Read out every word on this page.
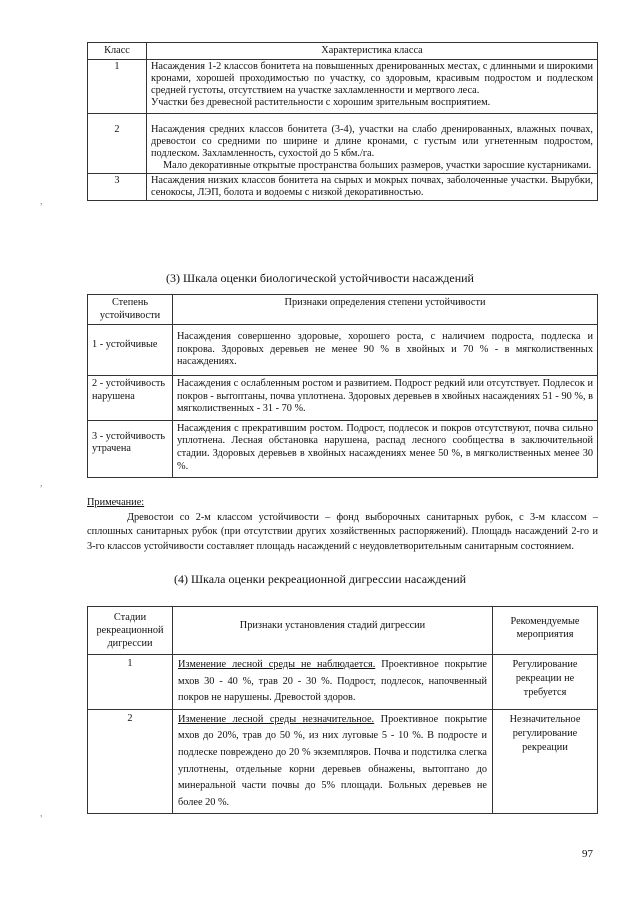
Класс	Характеристика класса
1	Насаждения 1-2 классов бонитета на повышенных дренированных местах, с длинными и широкими кронами, хорошей проходимостью по участку, со здоровым, красивым подростом и подлеском средней густоты, отсутствием на участке захламленности и мертвого леса.
Участки без древесной растительности с хорошим зрительным восприятием.

2	Насаждения средних классов бонитета (3-4), участки на слабо дренированных, влажных почвах, древостои со средними по ширине и длине кронами, с густым или угнетенным подростом, подлеском. Захламленность, сухостой до 5 кбм./га.
Мало декоративные открытые пространства больших размеров, участки заросшие кустарниками.

3	Насаждения низких классов бонитета на сырых и мокрых почвах, заболоченные участки. Вырубки, сенокосы, ЛЭП, болота и водоемы с низкой декоративностью.
(3) Шкала оценки биологической устойчивости насаждений
Степень устойчивости	Признаки определения степени устойчивости
1 - устойчивые	Насаждения совершенно здоровые, хорошего роста, с наличием подроста, подлеска и покрова. Здоровых деревьев не менее 90 % в хвойных и 70 % - в мягколиственных насаждениях.
2 - устойчивость нарушена	Насаждения с ослабленным ростом и развитием. Подрост редкий или отсутствует. Подлесок и покров - вытоптаны, почва уплотнена. Здоровых деревьев в хвойных насаждениях 51 - 90 %, в мягколиственных - 31 - 70 %.
3 - устойчивость утрачена	Насаждения с прекратившим ростом. Подрост, подлесок и покров отсутствуют, почва сильно уплотнена. Лесная обстановка нарушена, распад лесного сообщества в заключительной стадии. Здоровых деревьев в хвойных насаждениях менее 50 %, в мягколиственных менее 30 %.
Примечание:
Древостои со 2-м классом устойчивости – фонд выборочных санитарных рубок, с 3-м классом – сплошных санитарных рубок (при отсутствии других хозяйственных распоряжений). Площадь насаждений 2-го и 3-го классов устойчивости составляет площадь насаждений с неудовлетворительным санитарным состоянием.
(4) Шкала оценки рекреационной дигрессии насаждений
Стадии рекреационной дигрессии	Признаки установления стадий дигрессии	Рекомендуемые мероприятия
1	Изменение лесной среды не наблюдается. Проективное покрытие мхов 30 - 40 %, трав 20 - 30 %. Подрост, подлесок, напочвенный покров не нарушены. Древостой здоров.	Регулирование рекреации не требуется
2	Изменение лесной среды незначительное. Проективное покрытие мхов до 20%, трав до 50 %, из них луговые 5 - 10 %. В подросте и подлеске повреждено до 20 % экземпляров. Почва и подстилка слегка уплотнены, отдельные корни деревьев обнажены, вытоптано до минеральной части почвы до 5% площади. Больных деревьев не более 20 %.	Незначительное регулирование рекреации
,
,
,
97
